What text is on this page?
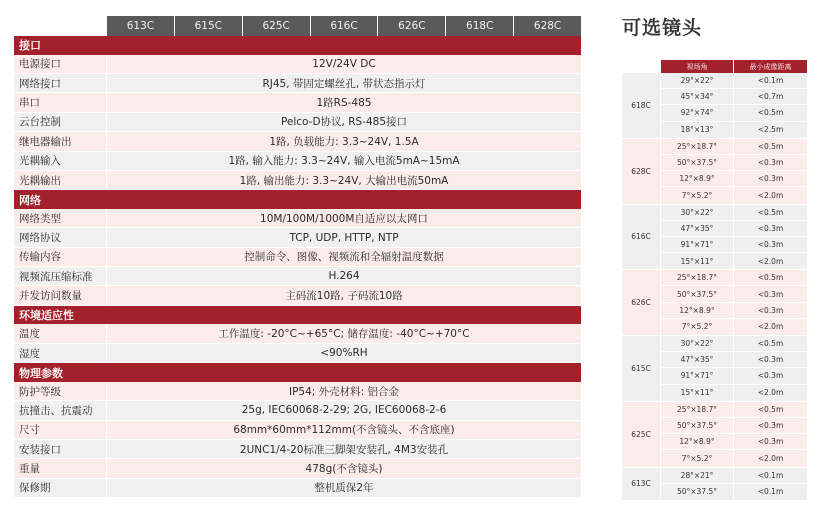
613C	615C	625C	616C	626C	618C	628C
接口
电源接口	12V/24V DC
网络接口	RJ45, 带固定螺丝孔, 带状态指示灯
串口	1路RS-485
云台控制	Pelco-D协议, RS-485接口
继电器输出	1路, 负载能力: 3.3~24V, 1.5A
光耦输入	1路, 输入能力: 3.3~24V, 输入电流5mA~15mA
光耦输出	1路, 输出能力: 3.3~24V, 大输出电流50mA
网络
网络类型	10M/100M/1000M自适应以太网口
网络协议	TCP, UDP, HTTP, NTP
传输内容	控制命令、图像、视频流和全辐射温度数据
视频流压缩标准	H.264
并发访问数量	主码流10路, 子码流10路
环境适应性
温度	工作温度: -20°C~+65°C; 储存温度: -40°C~+70°C
湿度	<90%RH
物理参数
防护等级	IP54; 外壳材料: 铝合金
抗撞击、抗震动	25g, IEC60068-2-29; 2G, IEC60068-2-6
尺寸	68mm*60mm*112mm(不含镜头、不含底座)
安装接口	2UNC1/4-20标准三脚架安装孔, 4M3安装孔
重量	478g(不含镜头)
保修期	整机质保2年
可选镜头
视场角	最小成像距离
618C
29°×22°	<0.1m
45°×34°	<0.7m
92°×74°	<0.5m
18°×13°	<2.5m
628C
25°×18.7°	<0.5m
50°×37.5°	<0.3m
12°×8.9°	<0.3m
7°×5.2°	<2.0m
616C
30°×22°	<0.5m
47°×35°	<0.3m
91°×71°	<0.3m
15°×11°	<2.0m
626C
25°×18.7°	<0.5m
50°×37.5°	<0.3m
12°×8.9°	<0.3m
7°×5.2°	<2.0m
615C
30°×22°	<0.5m
47°×35°	<0.3m
91°×71°	<0.3m
15°×11°	<2.0m
625C
25°×18.7°	<0.5m
50°×37.5°	<0.3m
12°×8.9°	<0.3m
7°×5.2°	<2.0m
613C
28°×21°	<0.1m
50°×37.5°	<0.1m
